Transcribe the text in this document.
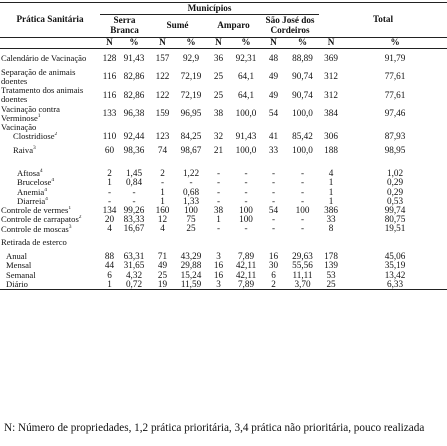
Prática Sanitária	Municípios								Total	
	Serra Branca		Sumé		Amparo		São José dos Cordeiros			
	N	%	N	%	N	%	N	%	N	%
Calendário de Vacinação	128	91,43	157	92,9	36	92,31	48	88,89	369	91,79
Separação de animais doentes	116	82,86	122	72,19	25	64,1	49	90,74	312	77,61
Tratamento dos animais doentes	116	82,86	122	72,19	25	64,1	49	90,74	312	77,61
Vacinação contra Verminose$^1$	133	96,38	159	96,95	38	100,0	54	100,0	384	97,46
Vacinação										
Clostridiose$^2$	110	92,44	123	84,25	32	91,43	41	85,42	306	87,93
Raiva$^3$	60	98,36	74	98,67	21	100,0	33	100,0	188	98,95
Aftosa$^4$	2	1,45	2	1,22	-	-	-	-	4	1,02
Brucelose$^4$	1	0,84	-	-	-	-	-	-	1	0,29
Anemia$^4$	-	-	1	0,68	-	-	-	-	1	0,29
Diarreia$^4$	-	-	1	1,33	-	-	-	-	1	0,53
Controle de vermes$^1$	134	99,26	160	100	38	100	54	100	386	99,74
Controle de carrapatos$^2$	20	83,33	12	75	1	100	-	-	33	80,75
Controle de moscas$^3$	4	16,67	4	25	-	-	-	-	8	19,51
Retirada de esterco										
Anual	88	63,31	71	43,29	3	7,89	16	29,63	178	45,06
Mensal	44	31,65	49	29,88	16	42,11	30	55,56	139	35,19
Semanal	6	4,32	25	15,24	16	42,11	6	11,11	53	13,42
Diário	1	0,72	19	11,59	3	7,89	2	3,70	25	6,33
N: Número de propriedades, 1,2 prática prioritária, 3,4 prática não prioritária, pouco realizada
